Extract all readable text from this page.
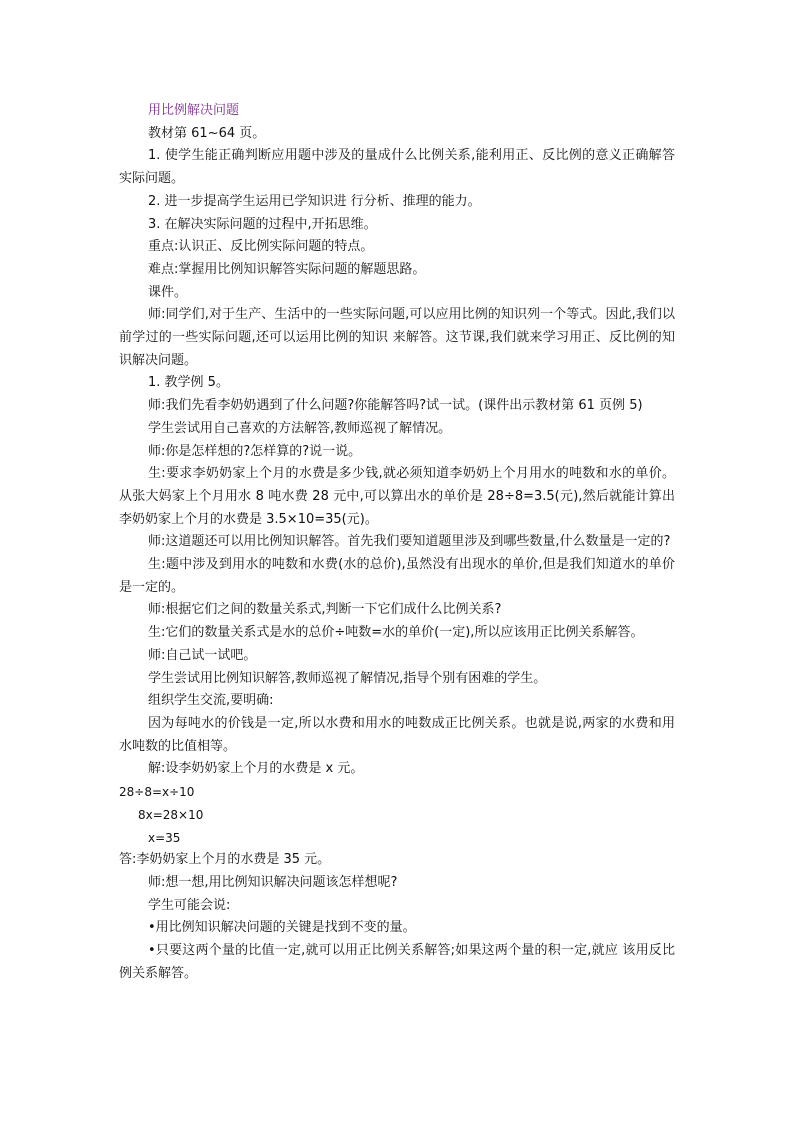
用比例解决问题

教材第 61~64 页。

1. 使学生能正确判断应用题中涉及的量成什么比例关系,能利用正、反比例的意义正确解答实际问题。

2. 进一步提高学生运用已学知识进 行分析、推理的能力。

3. 在解决实际问题的过程中,开拓思维。

重点:认识正、反比例实际问题的特点。

难点:掌握用比例知识解答实际问题的解题思路。

课件。

师:同学们,对于生产、生活中的一些实际问题,可以应用比例的知识列一个等式。因此,我们以前学过的一些实际问题,还可以运用比例的知识 来解答。这节课,我们就来学习用正、反比例的知识解决问题。

1. 教学例 5。

师:我们先看李奶奶遇到了什么问题?你能解答吗?试一试。(课件出示教材第 61 页例 5)

学生尝试用自己喜欢的方法解答,教师巡视了解情况。

师:你是怎样想的?怎样算的?说一说。

生:要求李奶奶家上个月的水费是多少钱,就必须知道李奶奶上个月用水的吨数和水的单价。从张大妈家上个月用水 8 吨水费 28 元中,可以算出水的单价是 28÷8=3.5(元),然后就能计算出李奶奶家上个月的水费是 3.5×10=35(元)。

师:这道题还可以用比例知识解答。首先我们要知道题里涉及到哪些数量,什么数量是一定的?

生:题中涉及到用水的吨数和水费(水的总价),虽然没有出现水的单价,但是我们知道水的单价是一定的。

师:根据它们之间的数量关系式,判断一下它们成什么比例关系?

生:它们的数量关系式是水的总价÷吨数=水的单价(一定),所以应该用正比例关系解答。

师:自己试一试吧。

学生尝试用比例知识解答,教师巡视了解情况,指导个别有困难的学生。

组织学生交流,要明确:

因为每吨水的价钱是一定,所以水费和用水的吨数成正比例关系。也就是说,两家的水费和用水吨数的比值相等。

解:设李奶奶家上个月的水费是 x 元。

28÷8=x÷10

8x=28×10

x=35

答:李奶奶家上个月的水费是 35 元。

师:想一想,用比例知识解决问题该怎样想呢?

学生可能会说:

•用比例知识解决问题的关键是找到不变的量。

•只要这两个量的比值一定,就可以用正比例关系解答;如果这两个量的积一定,就应 该用反比例关系解答。
